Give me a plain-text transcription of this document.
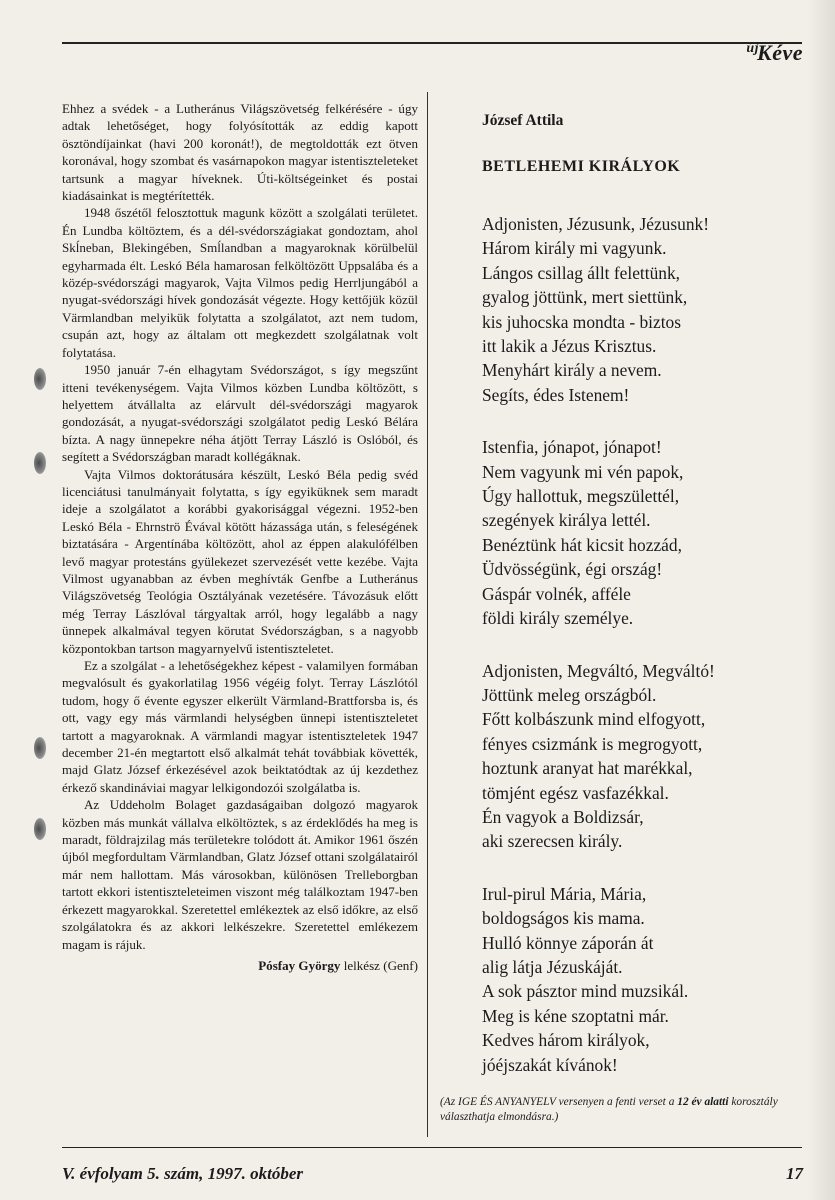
$^{új}$Kéve

Ehhez a svédek - a Lutheránus Világszövetség felkérésére - úgy adtak lehetőséget, hogy folyósították az eddig kapott ösztöndíjainkat (havi 200 koronát!), de megtoldották ezt ötven koronával, hogy szombat és vasárnapokon magyar istentiszteleteket tartsunk a magyar híveknek. Úti-költségeinket és postai kiadásainkat is megtérítették.

1948 őszétől felosztottuk magunk között a szolgálati területet. Én Lundba költöztem, és a dél-svédországiakat gondoztam, ahol Skĺneban, Blekingében, Smĺlandban a magyaroknak körülbelül egyharmada élt. Leskó Béla hamarosan felköltözött Uppsalába és a közép-svédországi magyarok, Vajta Vilmos pedig Herrljungából a nyugat-svédországi hívek gondozását végezte. Hogy kettőjük közül Värmlandban melyikük folytatta a szolgálatot, azt nem tudom, csupán azt, hogy az általam ott megkezdett szolgálatnak volt folytatása.

1950 január 7-én elhagytam Svédországot, s így megszűnt itteni tevékenységem. Vajta Vilmos közben Lundba költözött, s helyettem átvállalta az elárvult dél-svédországi magyarok gondozását, a nyugat-svédországi szolgálatot pedig Leskó Bélára bízta. A nagy ünnepekre néha átjött Terray László is Oslóból, és segített a Svédországban maradt kollégáknak.

Vajta Vilmos doktorátusára készült, Leskó Béla pedig svéd licenciátusi tanulmányait folytatta, s így egyiküknek sem maradt ideje a szolgálatot a korábbi gyakorisággal végezni. 1952-ben Leskó Béla - Ehrnströ Évával kötött házassága után, s feleségének biztatására - Argentínába költözött, ahol az éppen alakulófélben levő magyar protestáns gyülekezet szervezését vette kezébe. Vajta Vilmost ugyanabban az évben meghívták Genfbe a Lutheránus Világszövetség Teológia Osztályának vezetésére. Távozásuk előtt még Terray Lászlóval tárgyaltak arról, hogy legalább a nagy ünnepek alkalmával tegyen körutat Svédországban, s a nagyobb központokban tartson magyarnyelvű istentiszteletet.

Ez a szolgálat - a lehetőségekhez képest - valamilyen formában megvalósult és gyakorlatilag 1956 végéig folyt. Terray Lászlótól tudom, hogy ő évente egyszer elkerült Värmland-Brattforsba is, és ott, vagy egy más värmlandi helységben ünnepi istentiszteletet tartott a magyaroknak. A värmlandi magyar istentiszteletek 1947 december 21-én megtartott első alkalmát tehát továbbiak követték, majd Glatz József érkezésével azok beiktatódtak az új kezdethez érkező skandináviai magyar lelkigondozói szolgálatba is.

Az Uddeholm Bolaget gazdaságaiban dolgozó magyarok közben más munkát vállalva elköltöztek, s az érdeklődés ha meg is maradt, földrajzilag más területekre tolódott át. Amikor 1961 őszén újból megfordultam Värmlandban, Glatz József ottani szolgálatairól már nem hallottam. Más városokban, különösen Trelleborgban tartott ekkori istentiszteleteimen viszont még találkoztam 1947-ben érkezett magyarokkal. Szeretettel emlékeztek az első időkre, az első szolgálatokra és az akkori lelkészekre. Szeretettel emlékezem magam is rájuk.

Pósfay György lelkész (Genf)
József Attila
BETLEHEMI KIRÁLYOK
Adjonisten, Jézusunk, Jézusunk!
Három király mi vagyunk.
Lángos csillag állt felettünk,
gyalog jöttünk, mert siettünk,
kis juhocska mondta - biztos
itt lakik a Jézus Krisztus.
Menyhárt király a nevem.
Segíts, édes Istenem!
Istenfia, jónapot, jónapot!
Nem vagyunk mi vén papok,
Úgy hallottuk, megszülettél,
szegények királya lettél.
Benéztünk hát kicsit hozzád,
Üdvösségünk, égi ország!
Gáspár volnék, afféle
földi király személye.
Adjonisten, Megváltó, Megváltó!
Jöttünk meleg országból.
Főtt kolbászunk mind elfogyott,
fényes csizmánk is megrogyott,
hoztunk aranyat hat marékkal,
tömjént egész vasfazékkal.
Én vagyok a Boldizsár,
aki szerecsen király.
Irul-pirul Mária, Mária,
boldogságos kis mama.
Hulló könnye záporán át
alig látja Jézuskáját.
A sok pásztor mind muzsikál.
Meg is kéne szoptatni már.
Kedves három királyok,
jóéjszakát kívánok!
(Az IGE ÉS ANYANYELV versenyen a fenti verset a 12 év alatti korosztály választhatja elmondásra.)
V. évfolyam 5. szám, 1997. október	17
